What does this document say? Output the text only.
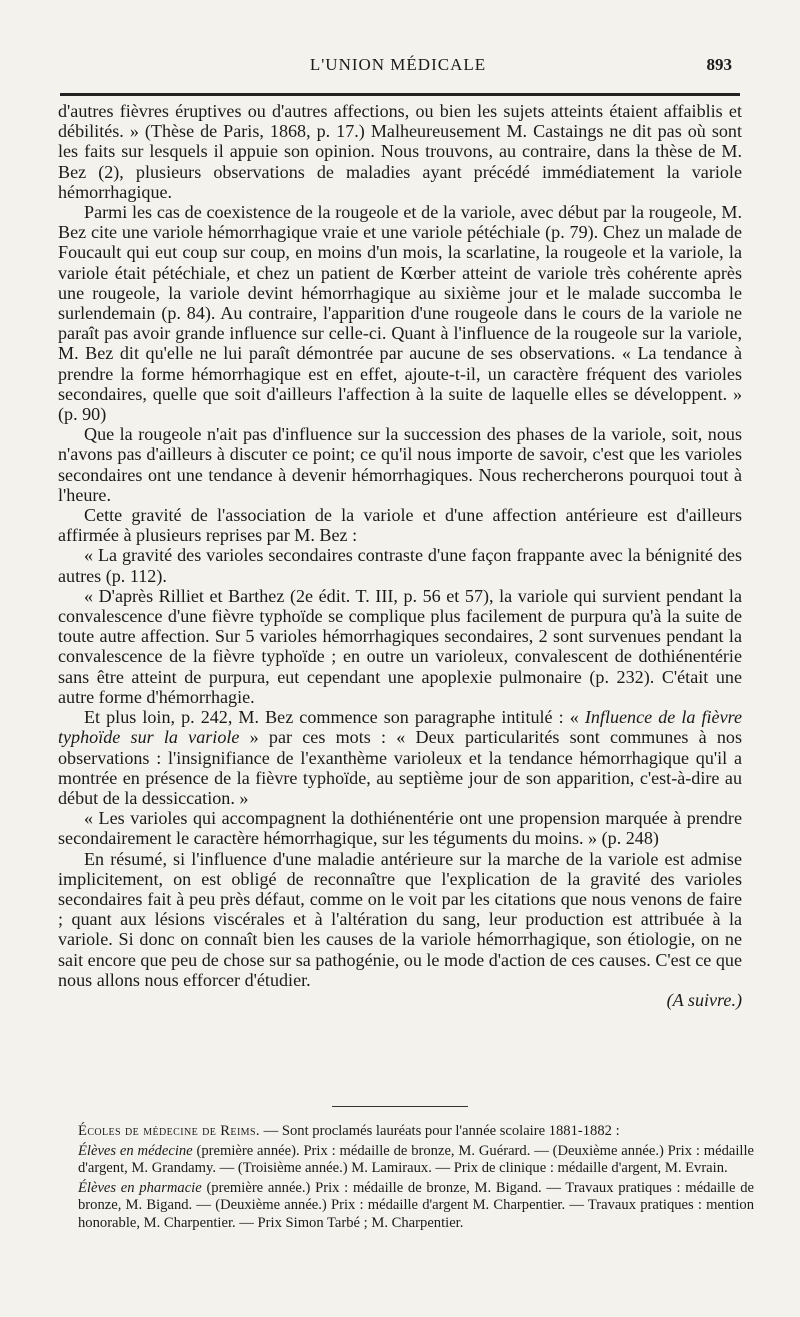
L'UNION MÉDICALE	893

d'autres fièvres éruptives ou d'autres affections, ou bien les sujets atteints étaient affaiblis et débilités. » (Thèse de Paris, 1868, p. 17.) Malheureusement M. Castaings ne dit pas où sont les faits sur lesquels il appuie son opinion. Nous trouvons, au contraire, dans la thèse de M. Bez (2), plusieurs observations de maladies ayant précédé immédiatement la variole hémorrhagique.

Parmi les cas de coexistence de la rougeole et de la variole, avec début par la rougeole, M. Bez cite une variole hémorrhagique vraie et une variole pétéchiale (p. 79). Chez un malade de Foucault qui eut coup sur coup, en moins d'un mois, la scarlatine, la rougeole et la variole, la variole était pétéchiale, et chez un patient de Kœrber atteint de variole très cohérente après une rougeole, la variole devint hémorrhagique au sixième jour et le malade succomba le surlendemain (p. 84). Au contraire, l'apparition d'une rougeole dans le cours de la variole ne paraît pas avoir grande influence sur celle-ci. Quant à l'influence de la rougeole sur la variole, M. Bez dit qu'elle ne lui paraît démontrée par aucune de ses observations. « La tendance à prendre la forme hémorrhagique est en effet, ajoute-t-il, un caractère fréquent des varioles secondaires, quelle que soit d'ailleurs l'affection à la suite de laquelle elles se développent. » (p. 90)

Que la rougeole n'ait pas d'influence sur la succession des phases de la variole, soit, nous n'avons pas d'ailleurs à discuter ce point; ce qu'il nous importe de savoir, c'est que les varioles secondaires ont une tendance à devenir hémorrhagiques. Nous rechercherons pourquoi tout à l'heure.

Cette gravité de l'association de la variole et d'une affection antérieure est d'ailleurs affirmée à plusieurs reprises par M. Bez :

« La gravité des varioles secondaires contraste d'une façon frappante avec la bénignité des autres (p. 112).

« D'après Rilliet et Barthez (2e édit. T. III, p. 56 et 57), la variole qui survient pendant la convalescence d'une fièvre typhoïde se complique plus facilement de purpura qu'à la suite de toute autre affection. Sur 5 varioles hémorrhagiques secondaires, 2 sont survenues pendant la convalescence de la fièvre typhoïde ; en outre un varioleux, convalescent de dothiénentérie sans être atteint de purpura, eut cependant une apoplexie pulmonaire (p. 232). C'était une autre forme d'hémorrhagie.

Et plus loin, p. 242, M. Bez commence son paragraphe intitulé : « Influence de la fièvre typhoïde sur la variole » par ces mots : « Deux particularités sont communes à nos observations : l'insignifiance de l'exanthème varioleux et la tendance hémorrhagique qu'il a montrée en présence de la fièvre typhoïde, au septième jour de son apparition, c'est-à-dire au début de la dessiccation. »

« Les varioles qui accompagnent la dothiénentérie ont une propension marquée à prendre secondairement le caractère hémorrhagique, sur les téguments du moins. » (p. 248)

En résumé, si l'influence d'une maladie antérieure sur la marche de la variole est admise implicitement, on est obligé de reconnaître que l'explication de la gravité des varioles secondaires fait à peu près défaut, comme on le voit par les citations que nous venons de faire ; quant aux lésions viscérales et à l'altération du sang, leur production est attribuée à la variole. Si donc on connaît bien les causes de la variole hémorrhagique, son étiologie, on ne sait encore que peu de chose sur sa pathogénie, ou le mode d'action de ces causes. C'est ce que nous allons nous efforcer d'étudier.

(A suivre.)

Écoles de médecine de Reims. — Sont proclamés lauréats pour l'année scolaire 1881-1882 :

Élèves en médecine (première année). Prix : médaille de bronze, M. Guérard. — (Deuxième année.) Prix : médaille d'argent, M. Grandamy. — (Troisième année.) M. Lamiraux. — Prix de clinique : médaille d'argent, M. Evrain.

Élèves en pharmacie (première année.) Prix : médaille de bronze, M. Bigand. — Travaux pratiques : médaille de bronze, M. Bigand. — (Deuxième année.) Prix : médaille d'argent M. Charpentier. — Travaux pratiques : mention honorable, M. Charpentier. — Prix Simon Tarbé ; M. Charpentier.
